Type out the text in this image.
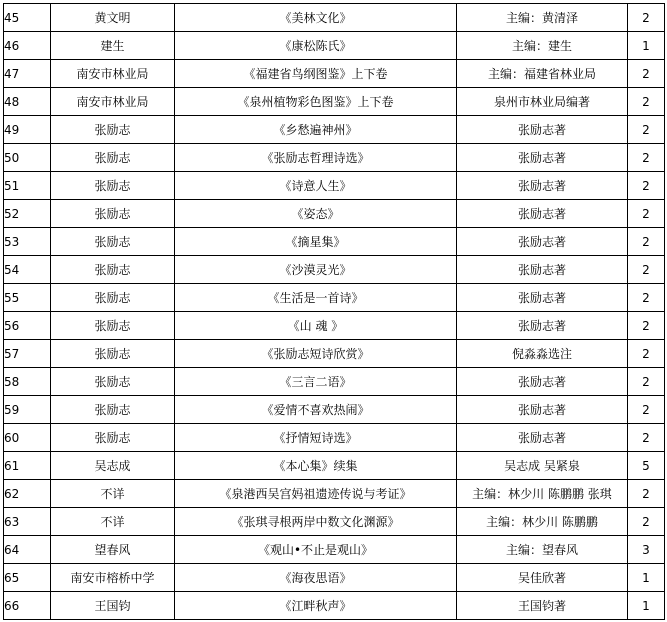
45	黄文明	《美林文化》	主编：黄清泽	2
46	建生	《康松陈氏》	主编：建生	1
47	南安市林业局	《福建省鸟纲图鉴》上下卷	主编：福建省林业局	2
48	南安市林业局	《泉州植物彩色图鉴》上下卷	泉州市林业局编著	2
49	张励志	《乡愁遍神州》	张励志著	2
50	张励志	《张励志哲理诗选》	张励志著	2
51	张励志	《诗意人生》	张励志著	2
52	张励志	《姿态》	张励志著	2
53	张励志	《摘星集》	张励志著	2
54	张励志	《沙漠灵光》	张励志著	2
55	张励志	《生活是一首诗》	张励志著	2
56	张励志	《山 魂 》	张励志著	2
57	张励志	《张励志短诗欣赏》	倪淼淼选注	2
58	张励志	《三言二语》	张励志著	2
59	张励志	《爱情不喜欢热闹》	张励志著	2
60	张励志	《抒情短诗选》	张励志著	2
61	吴志成	《本心集》续集	吴志成 吴紧泉	5
62	不详	《泉港西吴宫妈祖遗迹传说与考证》	主编：林少川 陈鹏鹏 张琪	2
63	不详	《张琪寻根两岸中数文化渊源》	主编：林少川 陈鹏鹏	2
64	望春风	《观山•不止是观山》	主编：望春风	3
65	南安市榕桥中学	《海夜思语》	吴佳欣著	1
66	王国钧	《江畔秋声》	王国钧著	1
